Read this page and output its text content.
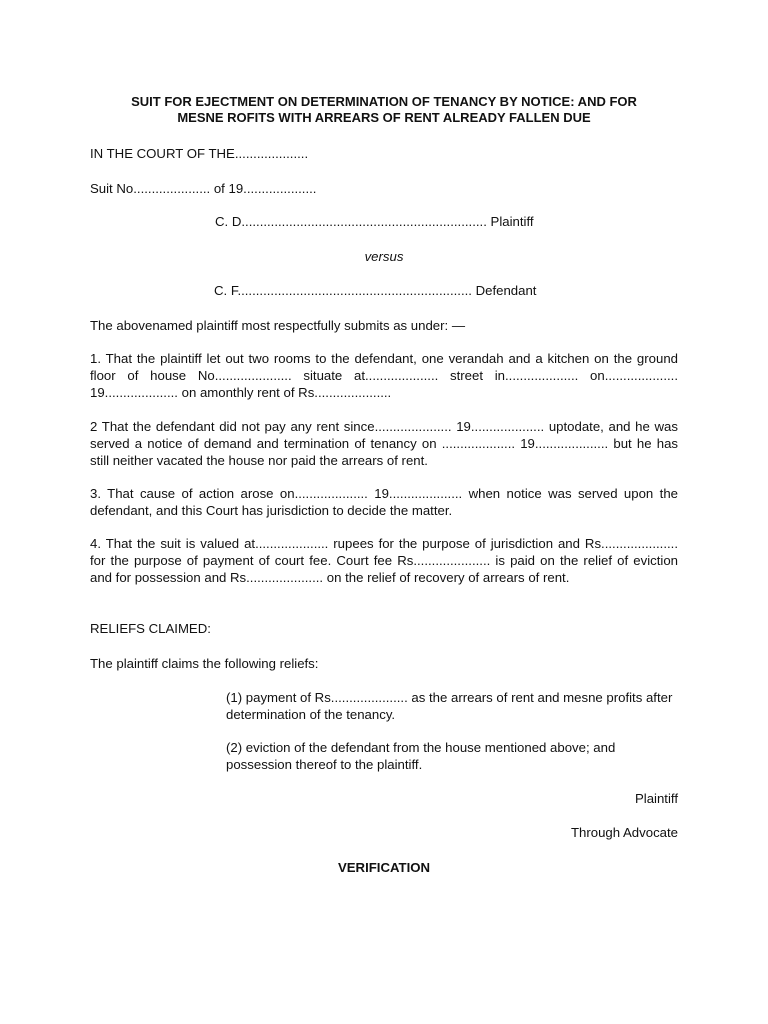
SUIT FOR EJECTMENT ON DETERMINATION OF TENANCY BY NOTICE: AND FOR
MESNE ROFITS WITH ARREARS OF RENT ALREADY FALLEN DUE
IN THE COURT OF THE....................
Suit No..................... of 19....................
C. D................................................................... Plaintiff
versus
C. F................................................................ Defendant
The abovenamed plaintiff most respectfully submits as under: —
1. That the plaintiff let out two rooms to the defendant, one verandah and a kitchen on the ground floor of house No..................... situate at.................... street in.................... on.................... 19.................... on amonthly rent of Rs.....................
2 That the defendant did not pay any rent since..................... 19.................... uptodate, and he was served a notice of demand and termination of tenancy on .................... 19.................... but he has still neither vacated the house nor paid the arrears of rent.
3. That cause of action arose on.................... 19.................... when notice was served upon the defendant, and this Court has jurisdiction to decide the matter.
4. That the suit is valued at.................... rupees for the purpose of jurisdiction and Rs..................... for the purpose of payment of court fee. Court fee Rs..................... is paid on the relief of eviction and for possession and Rs..................... on the relief of recovery of arrears of rent.
RELIEFS CLAIMED:
The plaintiff claims the following reliefs:
(1) payment of Rs..................... as the arrears of rent and mesne profits after determination of the tenancy.
(2) eviction of the defendant from the house mentioned above; and possession thereof to the plaintiff.
Plaintiff
Through Advocate
VERIFICATION
